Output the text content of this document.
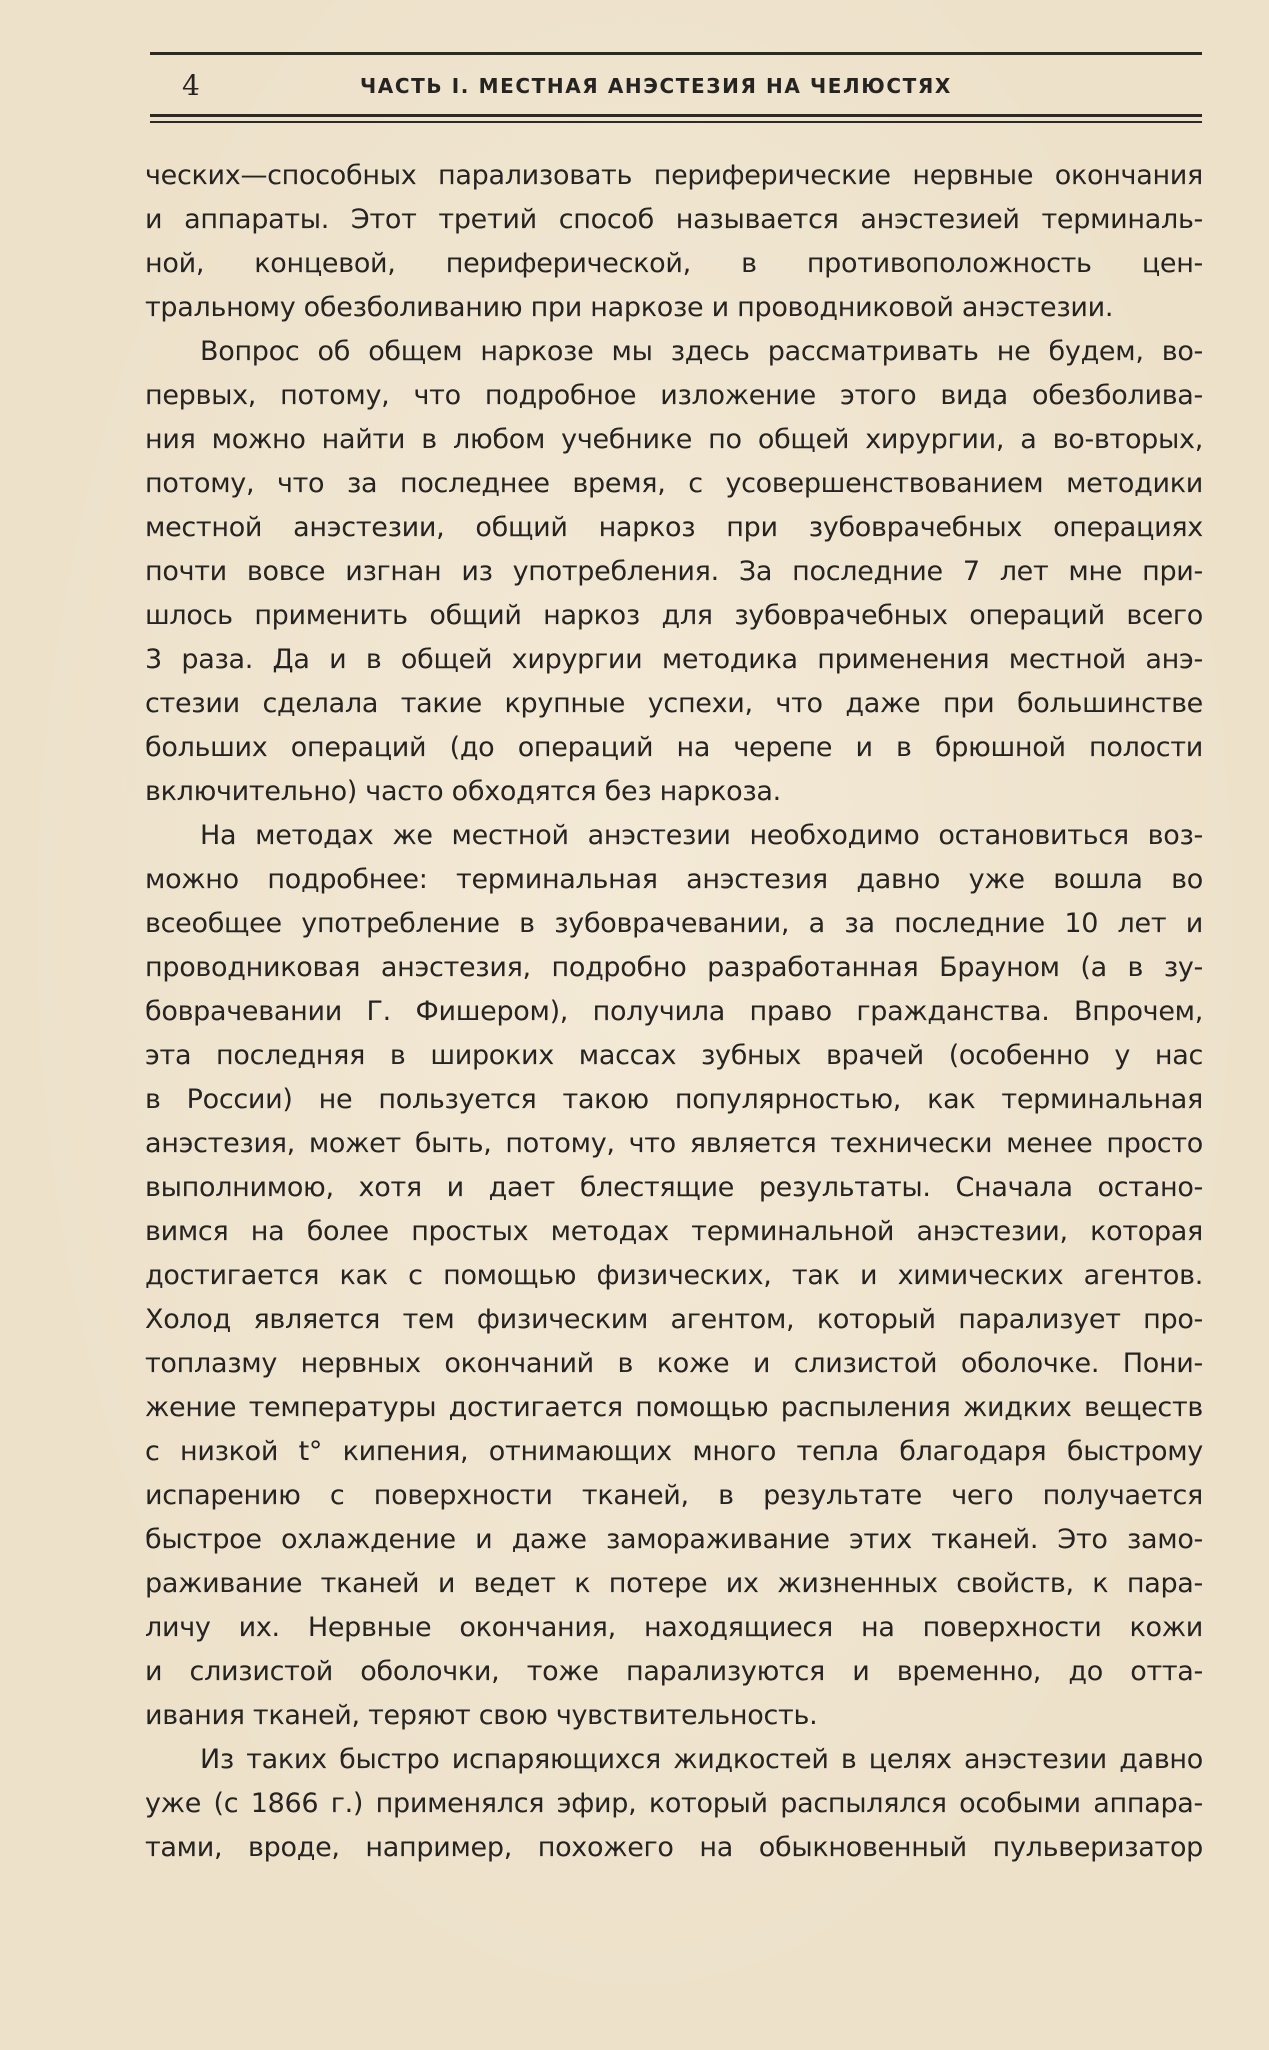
4	ЧАСТЬ I. МЕСТНАЯ АНЭСТЕЗИЯ НА ЧЕЛЮСТЯХ
ческих—способных парализовать периферические нервные окончания
и аппараты. Этот третий способ называется анэстезией терминаль-
ной, концевой, периферической, в противоположность цен-
тральному обезболиванию при наркозе и проводниковой анэстезии.
Вопрос об общем наркозе мы здесь рассматривать не будем, во-
первых, потому, что подробное изложение этого вида обезболива-
ния можно найти в любом учебнике по общей хирургии, а во-вторых,
потому, что за последнее время, с усовершенствованием методики
местной анэстезии, общий наркоз при зубоврачебных операциях
почти вовсе изгнан из употребления. За последние 7 лет мне при-
шлось применить общий наркоз для зубоврачебных операций всего
3 раза. Да и в общей хирургии методика применения местной анэ-
стезии сделала такие крупные успехи, что даже при большинстве
больших операций (до операций на черепе и в брюшной полости
включительно) часто обходятся без наркоза.
На методах же местной анэстезии необходимо остановиться воз-
можно подробнее: терминальная анэстезия давно уже вошла во
всеобщее употребление в зубоврачевании, а за последние 10 лет и
проводниковая анэстезия, подробно разработанная Брауном (а в зу-
боврачевании Г. Фишером), получила право гражданства. Впрочем,
эта последняя в широких массах зубных врачей (особенно у нас
в России) не пользуется такою популярностью, как терминальная
анэстезия, может быть, потому, что является технически менее просто
выполнимою, хотя и дает блестящие результаты. Сначала остано-
вимся на более простых методах терминальной анэстезии, которая
достигается как с помощью физических, так и химических агентов.
Холод является тем физическим агентом, который парализует про-
топлазму нервных окончаний в коже и слизистой оболочке. Пони-
жение температуры достигается помощью распыления жидких веществ
с низкой t° кипения, отнимающих много тепла благодаря быстрому
испарению с поверхности тканей, в результате чего получается
быстрое охлаждение и даже замораживание этих тканей. Это замо-
раживание тканей и ведет к потере их жизненных свойств, к пара-
личу их. Нервные окончания, находящиеся на поверхности кожи
и слизистой оболочки, тоже парализуются и временно, до отта-
ивания тканей, теряют свою чувствительность.
Из таких быстро испаряющихся жидкостей в целях анэстезии давно
уже (с 1866 г.) применялся эфир, который распылялся особыми аппара-
тами, вроде, например, похожего на обыкновенный пульверизатор
